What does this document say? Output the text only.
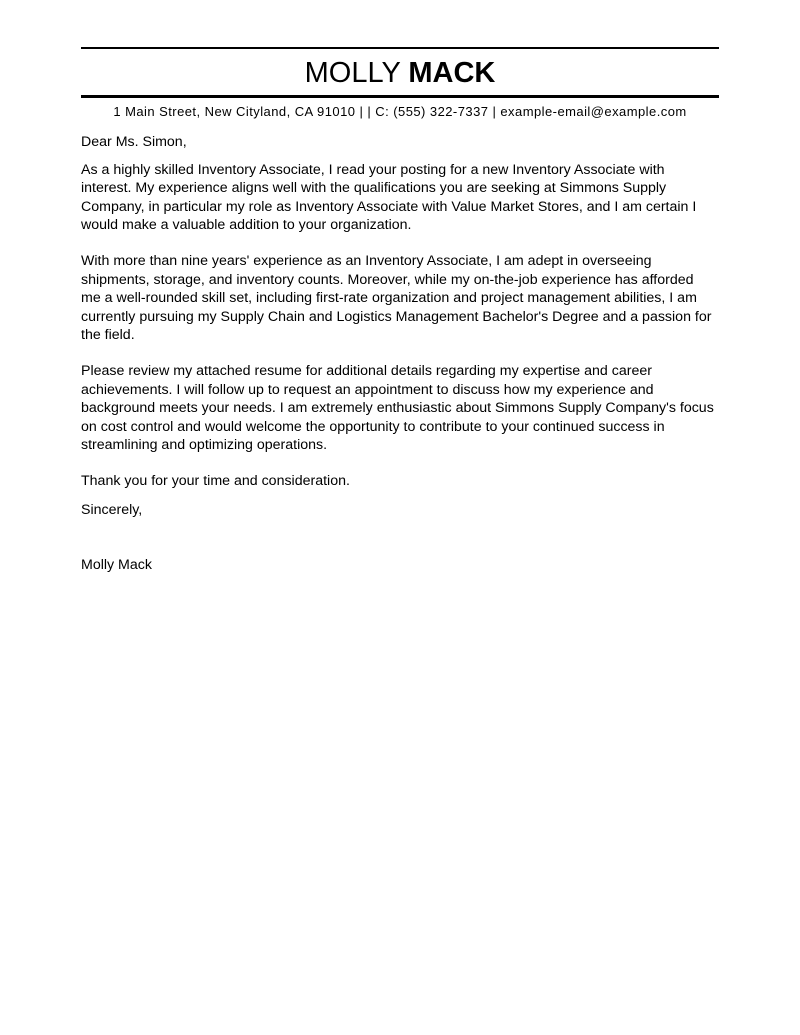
MOLLY MACK
1 Main Street, New Cityland, CA 91010 | | C: (555) 322-7337 | example-email@example.com

Dear Ms. Simon,

As a highly skilled Inventory Associate, I read your posting for a new Inventory Associate with
interest. My experience aligns well with the qualifications you are seeking at Simmons Supply
Company, in particular my role as Inventory Associate with Value Market Stores, and I am certain I
would make a valuable addition to your organization.

With more than nine years' experience as an Inventory Associate, I am adept in overseeing
shipments, storage, and inventory counts. Moreover, while my on-the-job experience has afforded
me a well-rounded skill set, including first-rate organization and project management abilities, I am
currently pursuing my Supply Chain and Logistics Management Bachelor's Degree and a passion for
the field.

Please review my attached resume for additional details regarding my expertise and career
achievements. I will follow up to request an appointment to discuss how my experience and
background meets your needs. I am extremely enthusiastic about Simmons Supply Company's focus
on cost control and would welcome the opportunity to contribute to your continued success in
streamlining and optimizing operations.

Thank you for your time and consideration.

Sincerely,

Molly Mack
